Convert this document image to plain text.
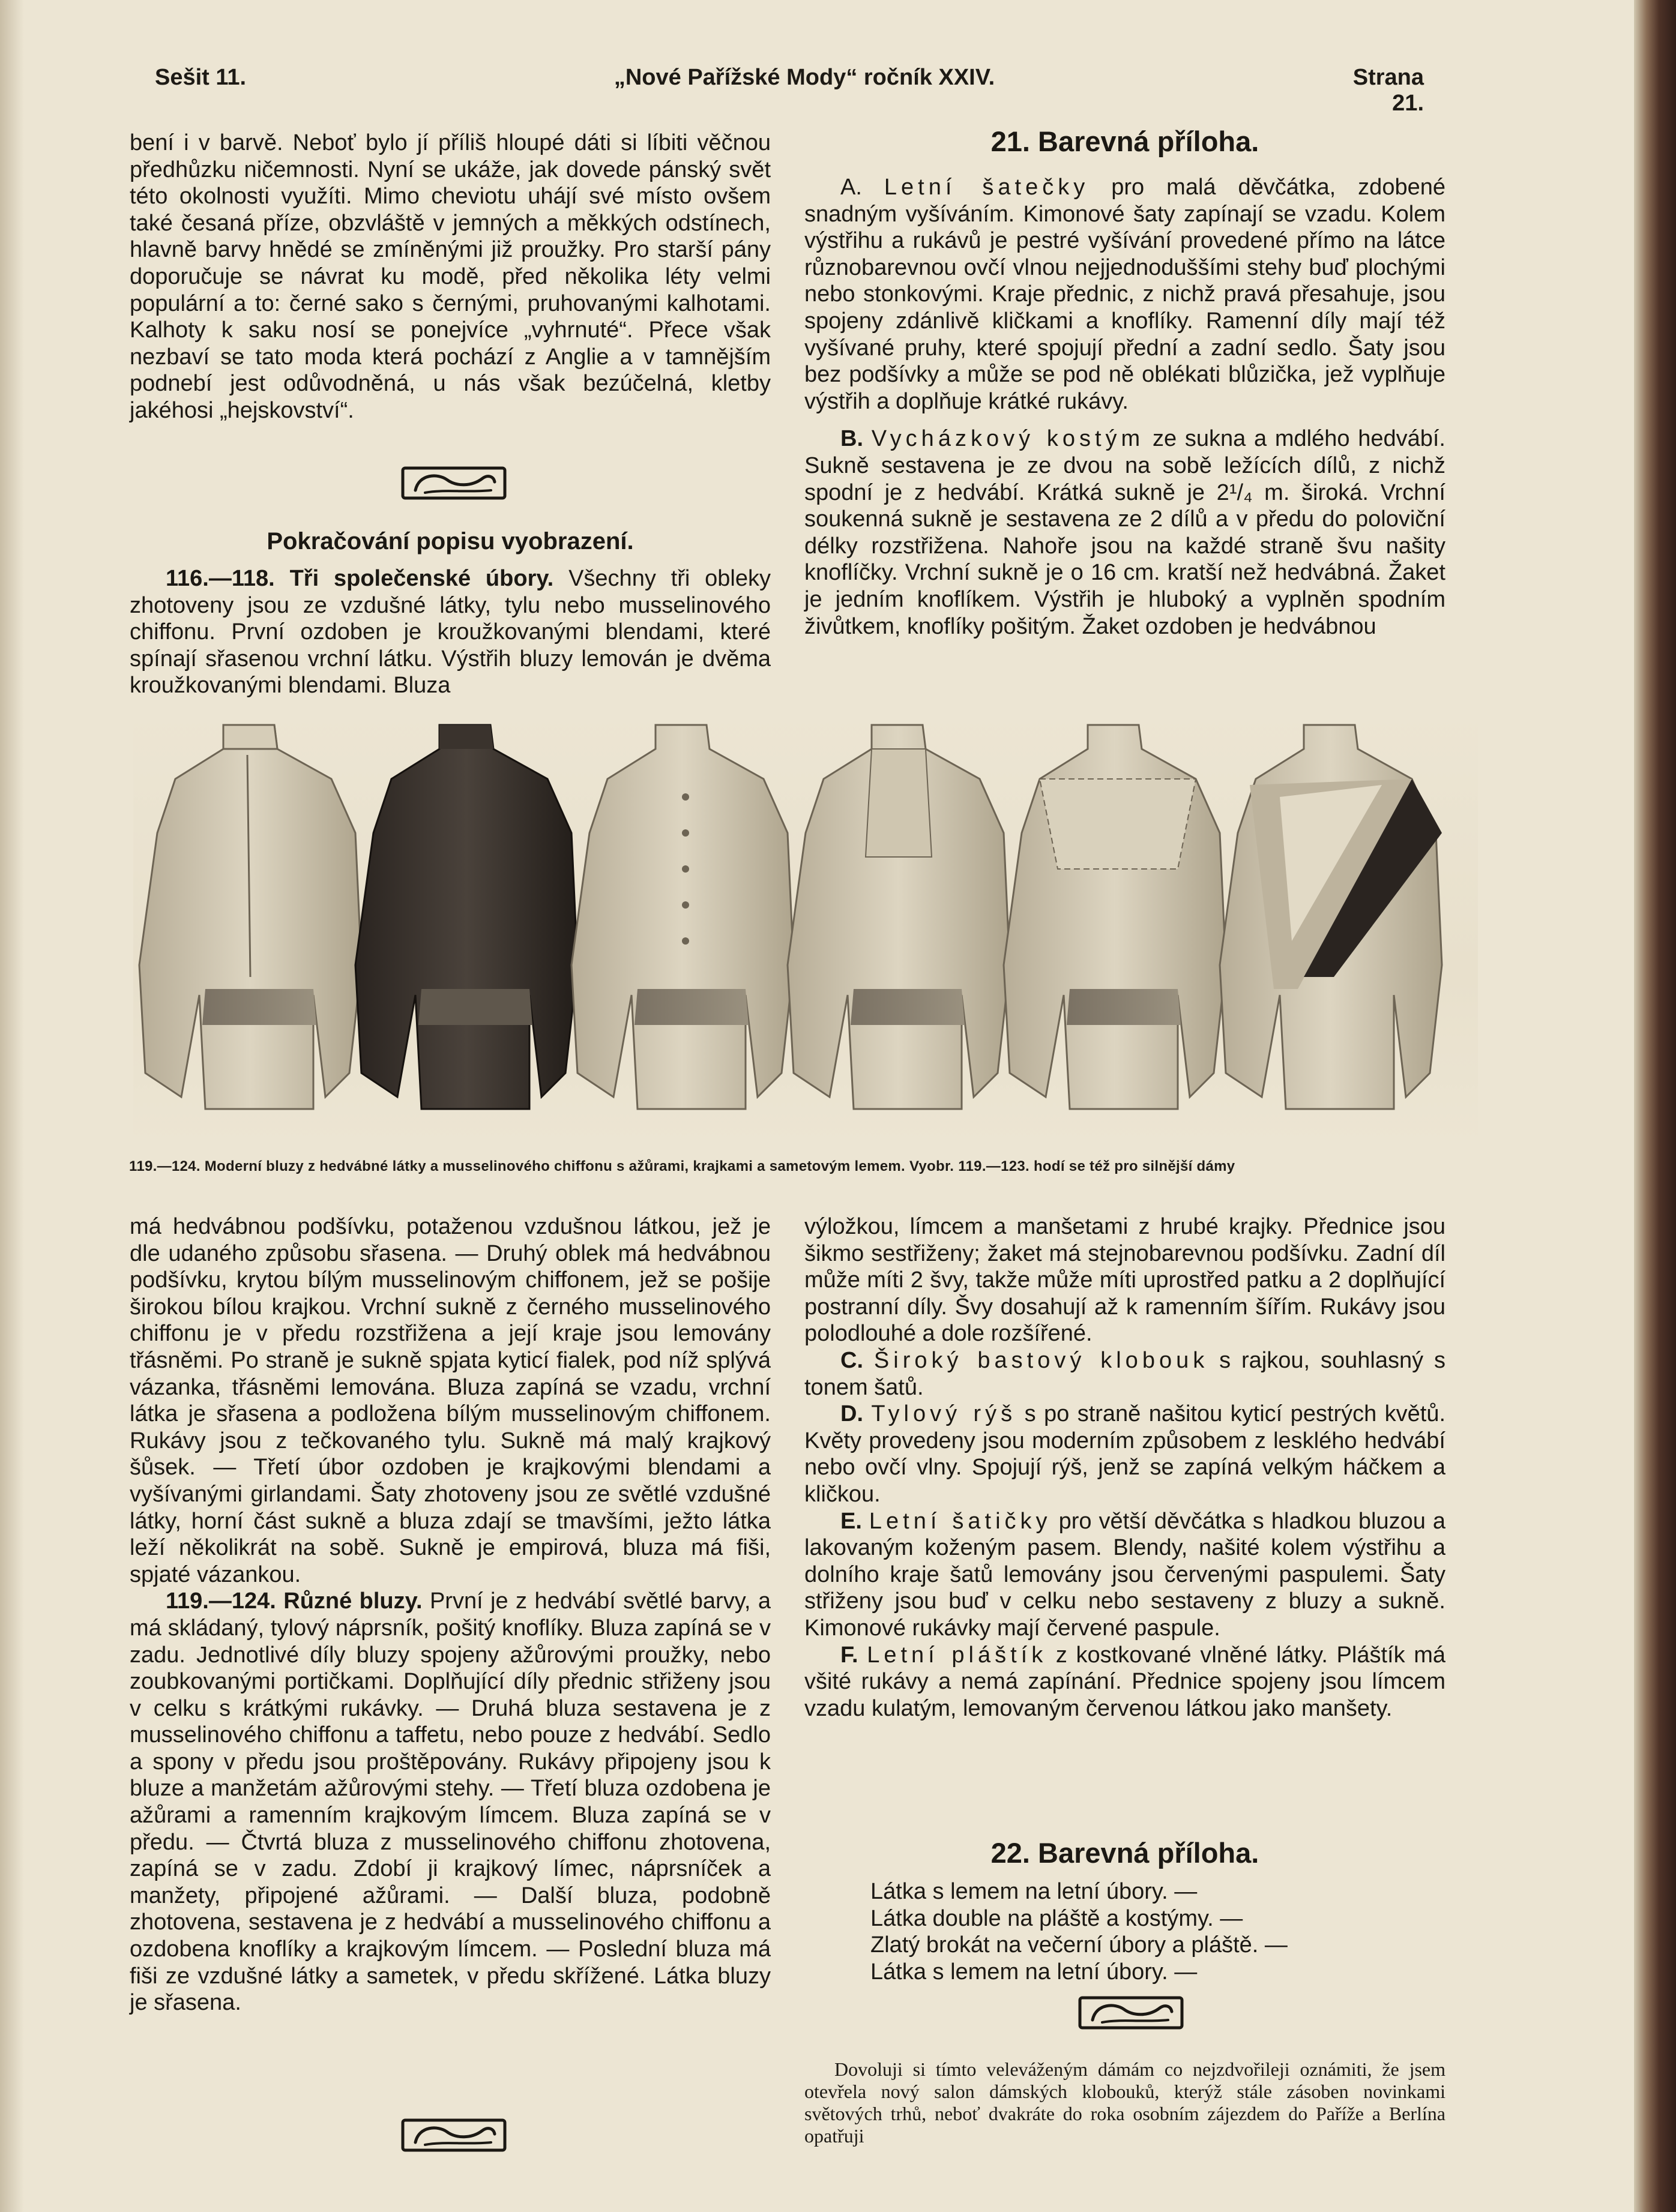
Sešit 11.	„Nové Pařížské Mody“ ročník XXIV.	Strana 21.

bení i v barvě. Neboť bylo jí příliš hloupé dáti si líbiti věčnou předhůzku ničemnosti. Nyní se ukáže, jak dovede pánský svět této okolnosti využíti. Mimo cheviotu uhájí své místo ovšem také česaná příze, obzvláště v jemných a měkkých odstínech, hlavně barvy hnědé se zmíněnými již proužky. Pro starší pány doporučuje se návrat ku modě, před několika léty velmi populární a to: černé sako s černými, pruhovanými kalhotami. Kalhoty k saku nosí se ponejvíce „vyhrnuté“. Přece však nezbaví se tato moda která pochází z Anglie a v tamnějším podnebí jest odůvodněná, u nás však bezúčelná, kletby jakéhosi „hejskovství“.

Pokračování popisu vyobrazení.

116.—118. Tři společenské úbory. Všechny tři obleky zhotoveny jsou ze vzdušné látky, tylu nebo musselinového chiffonu. První ozdoben je kroužkovanými blendami, které spínají sřasenou vrchní látku. Výstřih bluzy lemován je dvěma kroužkovanými blendami. Bluza

21. Barevná příloha.

A. Letní šatečky pro malá děvčátka, zdobené snadným vyšíváním. Kimonové šaty zapínají se vzadu. Kolem výstřihu a rukávů je pestré vyšívání provedené přímo na látce různobarevnou ovčí vlnou nejjednoduššími stehy buď plochými nebo stonkovými. Kraje přednic, z nichž pravá přesahuje, jsou spojeny zdánlivě kličkami a knoflíky. Ramenní díly mají též vyšívané pruhy, které spojují přední a zadní sedlo. Šaty jsou bez podšívky a může se pod ně oblékati blůzička, jež vyplňuje výstřih a doplňuje krátké rukávy.

B. Vycházkový kostým ze sukna a mdlého hedvábí. Sukně sestavena je ze dvou na sobě ležících dílů, z nichž spodní je z hedvábí. Krátká sukně je 2¹/₄ m. široká. Vrchní soukenná sukně je sestavena ze 2 dílů a v předu do poloviční délky rozstřižena. Nahoře jsou na každé straně švu našity knoflíčky. Vrchní sukně je o 16 cm. kratší než hedvábná. Žaket je jedním knoflíkem. Výstřih je hluboký a vyplněn spodním živůtkem, knoflíky pošitým. Žaket ozdoben je hedvábnou

119.—124. Moderní bluzy z hedvábné látky a musselinového chiffonu s ažůrami, krajkami a sametovým lemem. Vyobr. 119.—123. hodí se též pro silnější dámy

má hedvábnou podšívku, potaženou vzdušnou látkou, jež je dle udaného způsobu sřasena. — Druhý oblek má hedvábnou podšívku, krytou bílým musselinovým chiffonem, jež se pošije širokou bílou krajkou. Vrchní sukně z černého musselinového chiffonu je v předu rozstřižena a její kraje jsou lemovány třásněmi. Po straně je sukně spjata kyticí fialek, pod níž splývá vázanka, třásněmi lemována. Bluza zapíná se vzadu, vrchní látka je sřasena a podložena bílým musselinovým chiffonem. Rukávy jsou z tečkovaného tylu. Sukně má malý krajkový šůsek. — Třetí úbor ozdoben je krajkovými blendami a vyšívanými girlandami. Šaty zhotoveny jsou ze světlé vzdušné látky, horní část sukně a bluza zdají se tmavšími, ježto látka leží několikrát na sobě. Sukně je empirová, bluza má fiši, spjaté vázankou.

119.—124. Různé bluzy. První je z hedvábí světlé barvy, a má skládaný, tylový náprsník, pošitý knoflíky. Bluza zapíná se v zadu. Jednotlivé díly bluzy spojeny ažůrovými proužky, nebo zoubkovanými portičkami. Doplňující díly přednic střiženy jsou v celku s krátkými rukávky. — Druhá bluza sestavena je z musselinového chiffonu a taffetu, nebo pouze z hedvábí. Sedlo a spony v předu jsou proštěpovány. Rukávy připojeny jsou k bluze a manžetám ažůrovými stehy. — Třetí bluza ozdobena je ažůrami a ramenním krajkovým límcem. Bluza zapíná se v předu. — Čtvrtá bluza z musselinového chiffonu zhotovena, zapíná se v zadu. Zdobí ji krajkový límec, náprsníček a manžety, připojené ažůrami. — Další bluza, podobně zhotovena, sestavena je z hedvábí a musselinového chiffonu a ozdobena knoflíky a krajkovým límcem. — Poslední bluza má fiši ze vzdušné látky a sametek, v předu skřížené. Látka bluzy je sřasena.

výložkou, límcem a manšetami z hrubé krajky. Přednice jsou šikmo sestřiženy; žaket má stejnobarevnou podšívku. Zadní díl může míti 2 švy, takže může míti uprostřed patku a 2 doplňující postranní díly. Švy dosahují až k ramenním šířím. Rukávy jsou polodlouhé a dole rozšířené.

C. Široký bastový klobouk s rajkou, souhlasný s tonem šatů.

D. Tylový rýš s po straně našitou kyticí pestrých květů. Květy provedeny jsou moderním způsobem z lesklého hedvábí nebo ovčí vlny. Spojují rýš, jenž se zapíná velkým háčkem a kličkou.

E. Letní šatičky pro větší děvčátka s hladkou bluzou a lakovaným koženým pasem. Blendy, našité kolem výstřihu a dolního kraje šatů lemovány jsou červenými paspulemi. Šaty střiženy jsou buď v celku nebo sestaveny z bluzy a sukně. Kimonové rukávky mají červené paspule.

F. Letní pláštík z kostkované vlněné látky. Pláštík má všité rukávy a nemá zapínání. Přednice spojeny jsou límcem vzadu kulatým, lemovaným červenou látkou jako manšety.

22. Barevná příloha.
Látka s lemem na letní úbory. —
Látka double na pláště a kostýmy. —
Zlatý brokát na večerní úbory a pláště. —
Látka s lemem na letní úbory. —

Dovoluji si tímto veleváženým dámám co nejzdvořileji oznámiti, že jsem otevřela nový salon dámských klobouků, kterýž stále zásoben novinkami světových trhů, neboť dvakráte do roka osobním zájezdem do Paříže a Berlína opatřuji
